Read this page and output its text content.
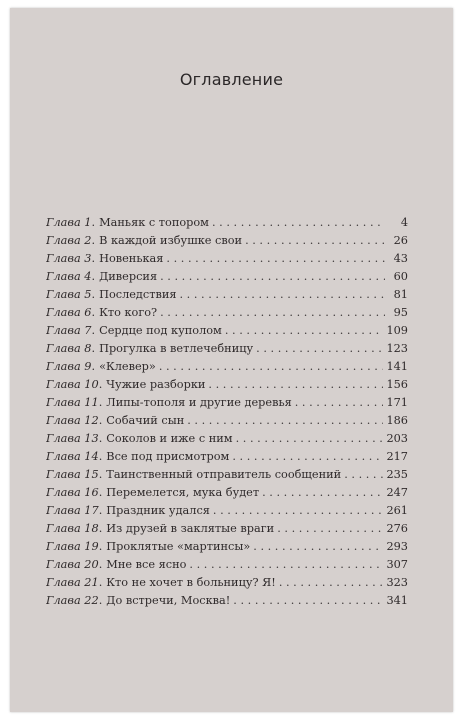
Оглавление
Глава 1 . Маньяк с топором . . .	4
Глава 2 . В каждой избушке свои . . .	26
Глава 3 . Новенькая . . .	43
Глава 4 . Диверсия . . .	60
Глава 5 . Последствия . . .	81
Глава 6 . Кто кого? . . .	95
Глава 7 . Сердце под куполом . . .	109
Глава 8 . Прогулка в ветлечебницу . . .	123
Глава 9 . «Клевер» . . .	141
Глава 10 . Чужие разборки . . .	156
Глава 11 . Липы-тополя и другие деревья . . .	171
Глава 12 . Собачий сын . . .	186
Глава 13 . Соколов и иже с ним . . .	203
Глава 14 . Все под присмотром . . .	217
Глава 15 . Таинственный отправитель сообщений . . .	235
Глава 16 . Перемелется, мука будет . . .	247
Глава 17 . Праздник удался . . .	261
Глава 18 . Из друзей в заклятые враги . . .	276
Глава 19 . Проклятые «мартинсы» . . .	293
Глава 20 . Мне все ясно . . .	307
Глава 21 . Кто не хочет в больницу? Я! . . .	323
Глава 22 . До встречи, Москва! . . .	341
